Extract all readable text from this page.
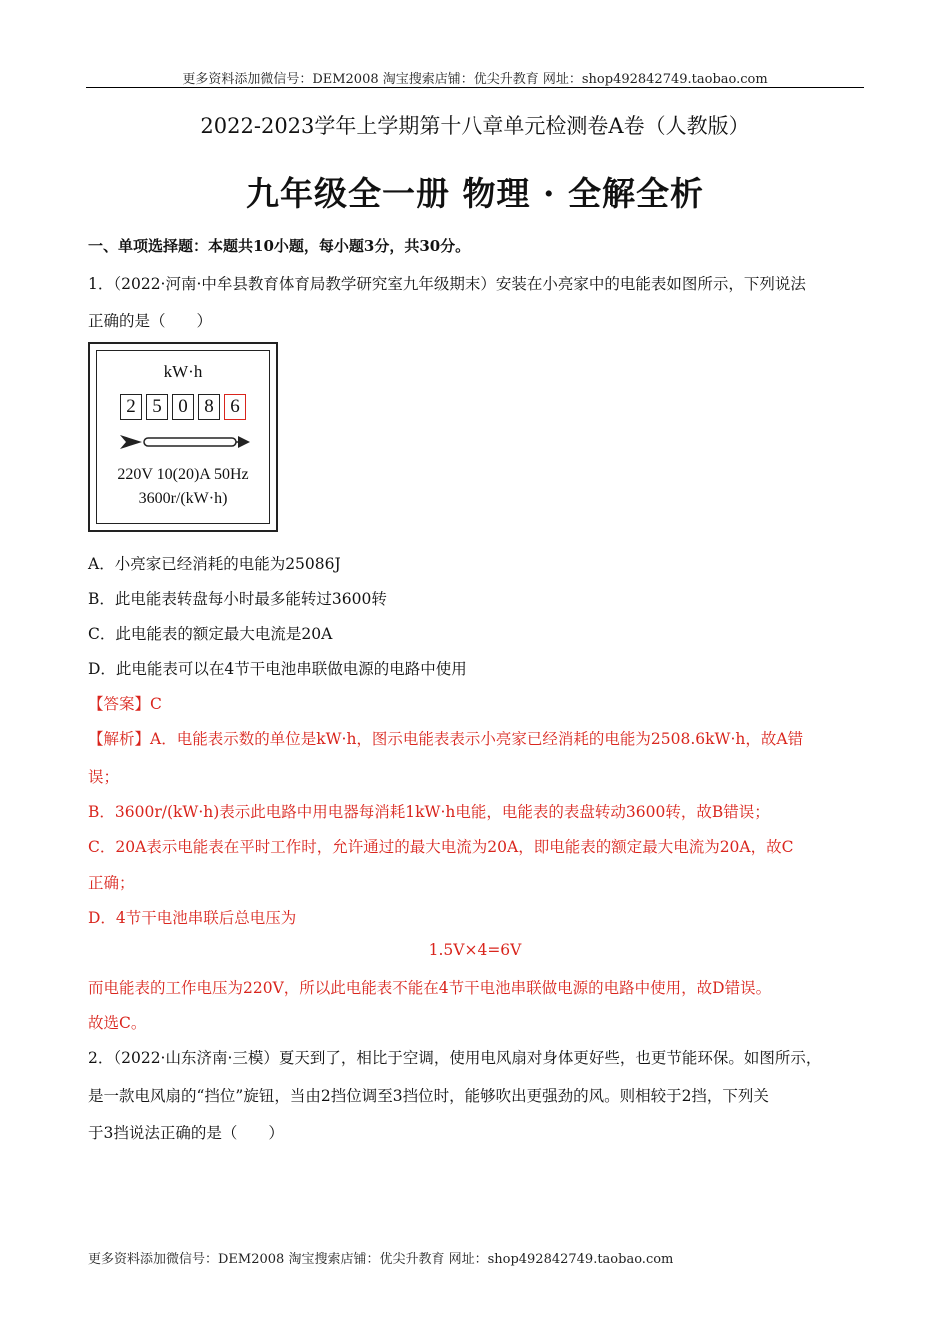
更多资料添加微信号：DEM2008 淘宝搜索店铺：优尖升教育 网址：shop492842749.taobao.com
2022-2023学年上学期第十八章单元检测卷A卷（人教版）
九年级全一册 物理 · 全解全析
一、单项选择题：本题共10小题，每小题3分，共30分。
1．（2022·河南·中牟县教育体育局教学研究室九年级期末）安装在小亮家中的电能表如图所示，下列说法
正确的是（　　）
kW·h
2 5 0 8 6
220V 10(20)A 50Hz
3600r/(kW·h)
A．小亮家已经消耗的电能为25086J
B．此电能表转盘每小时最多能转过3600转
C．此电能表的额定最大电流是20A
D．此电能表可以在4节干电池串联做电源的电路中使用
【答案】C
【解析】A．电能表示数的单位是kW·h，图示电能表表示小亮家已经消耗的电能为2508.6kW·h，故A错
误；
B．3600r/(kW·h)表示此电路中用电器每消耗1kW·h电能，电能表的表盘转动3600转，故B错误；
C．20A表示电能表在平时工作时，允许通过的最大电流为20A，即电能表的额定最大电流为20A，故C
正确；
D．4节干电池串联后总电压为
1.5V×4=6V
而电能表的工作电压为220V，所以此电能表不能在4节干电池串联做电源的电路中使用，故D错误。
故选C。
2．（2022·山东济南·三模）夏天到了，相比于空调，使用电风扇对身体更好些，也更节能环保。如图所示，
是一款电风扇的“挡位”旋钮，当由2挡位调至3挡位时，能够吹出更强劲的风。则相较于2挡，下列关
于3挡说法正确的是（　　）
更多资料添加微信号：DEM2008 淘宝搜索店铺：优尖升教育 网址：shop492842749.taobao.com
